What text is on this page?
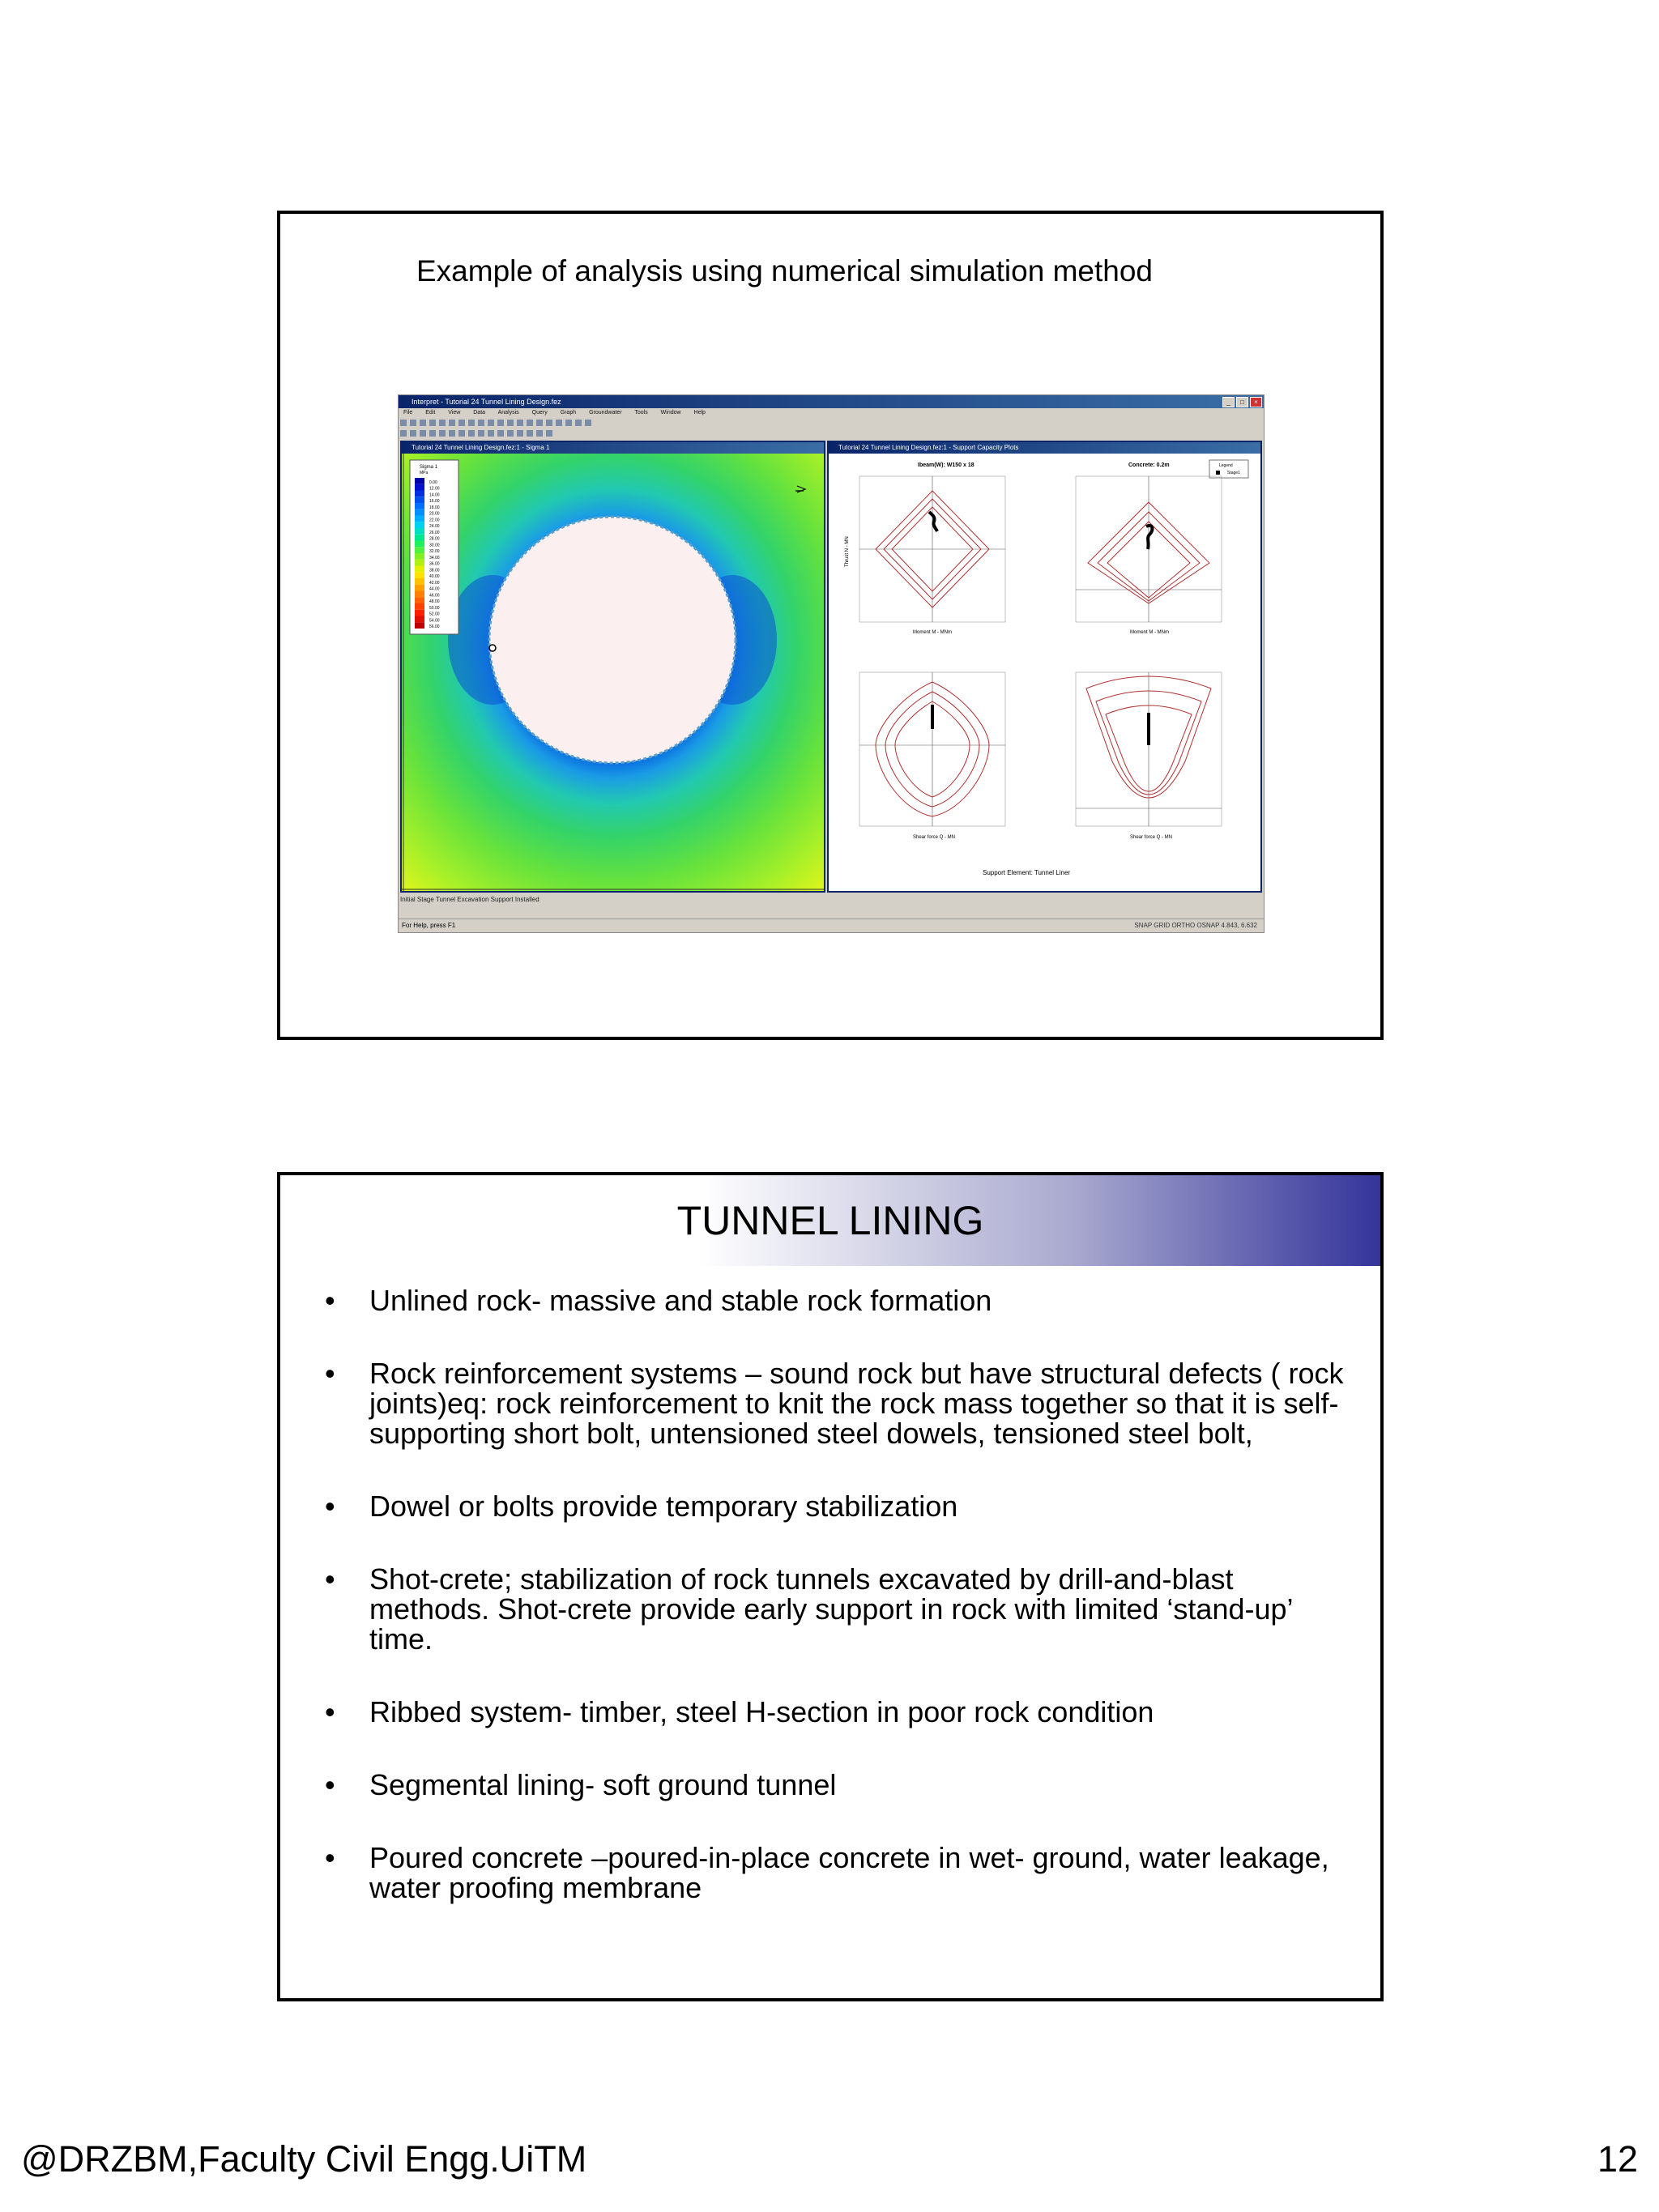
Example of analysis using numerical simulation method
Interpret - Tutorial 24 Tunnel Lining Design.fez	_	□	×
File Edit View Data Analysis Query Graph Groundwater Tools Window Help
Tutorial 24 Tunnel Lining Design.fez:1 - Sigma 1
Sigma 1
MPa
0.00
12.00
14.00
16.00
18.00
20.00
22.00
24.00
26.00
28.00
30.00
32.00
34.00
36.00
38.00
40.00
42.00
44.00
46.00
48.00
50.00
52.00
54.00
56.00
Tutorial 24 Tunnel Lining Design.fez:1 - Support Capacity Plots
Ibeam(W): W150 x 18	Concrete: 0.2m	Legend
Stage1
Moment M - MNm
Thrust N - MN
Moment M - MNm
Shear force Q - MN	Shear force Q - MN
Support Element: Tunnel Liner
Initial Stage Tunnel Excavation Support Installed
For Help, press F1	SNAP GRID ORTHO OSNAP 4.843, 6.632
TUNNEL LINING
• Unlined rock- massive and stable rock formation
• Rock reinforcement systems – sound rock but have structural defects ( rock joints)eq: rock reinforcement to knit the rock mass together so that it is self-supporting short bolt, untensioned steel dowels, tensioned steel bolt,
• Dowel or bolts provide temporary stabilization
• Shot-crete; stabilization of rock tunnels excavated by drill-and-blast methods. Shot-crete provide early support in rock with limited ‘stand-up’ time.
• Ribbed system- timber, steel H-section in poor rock condition
• Segmental lining- soft ground tunnel
• Poured concrete –poured-in-place concrete in wet- ground, water leakage, water proofing membrane
@DRZBM,Faculty Civil Engg.UiTM	12
